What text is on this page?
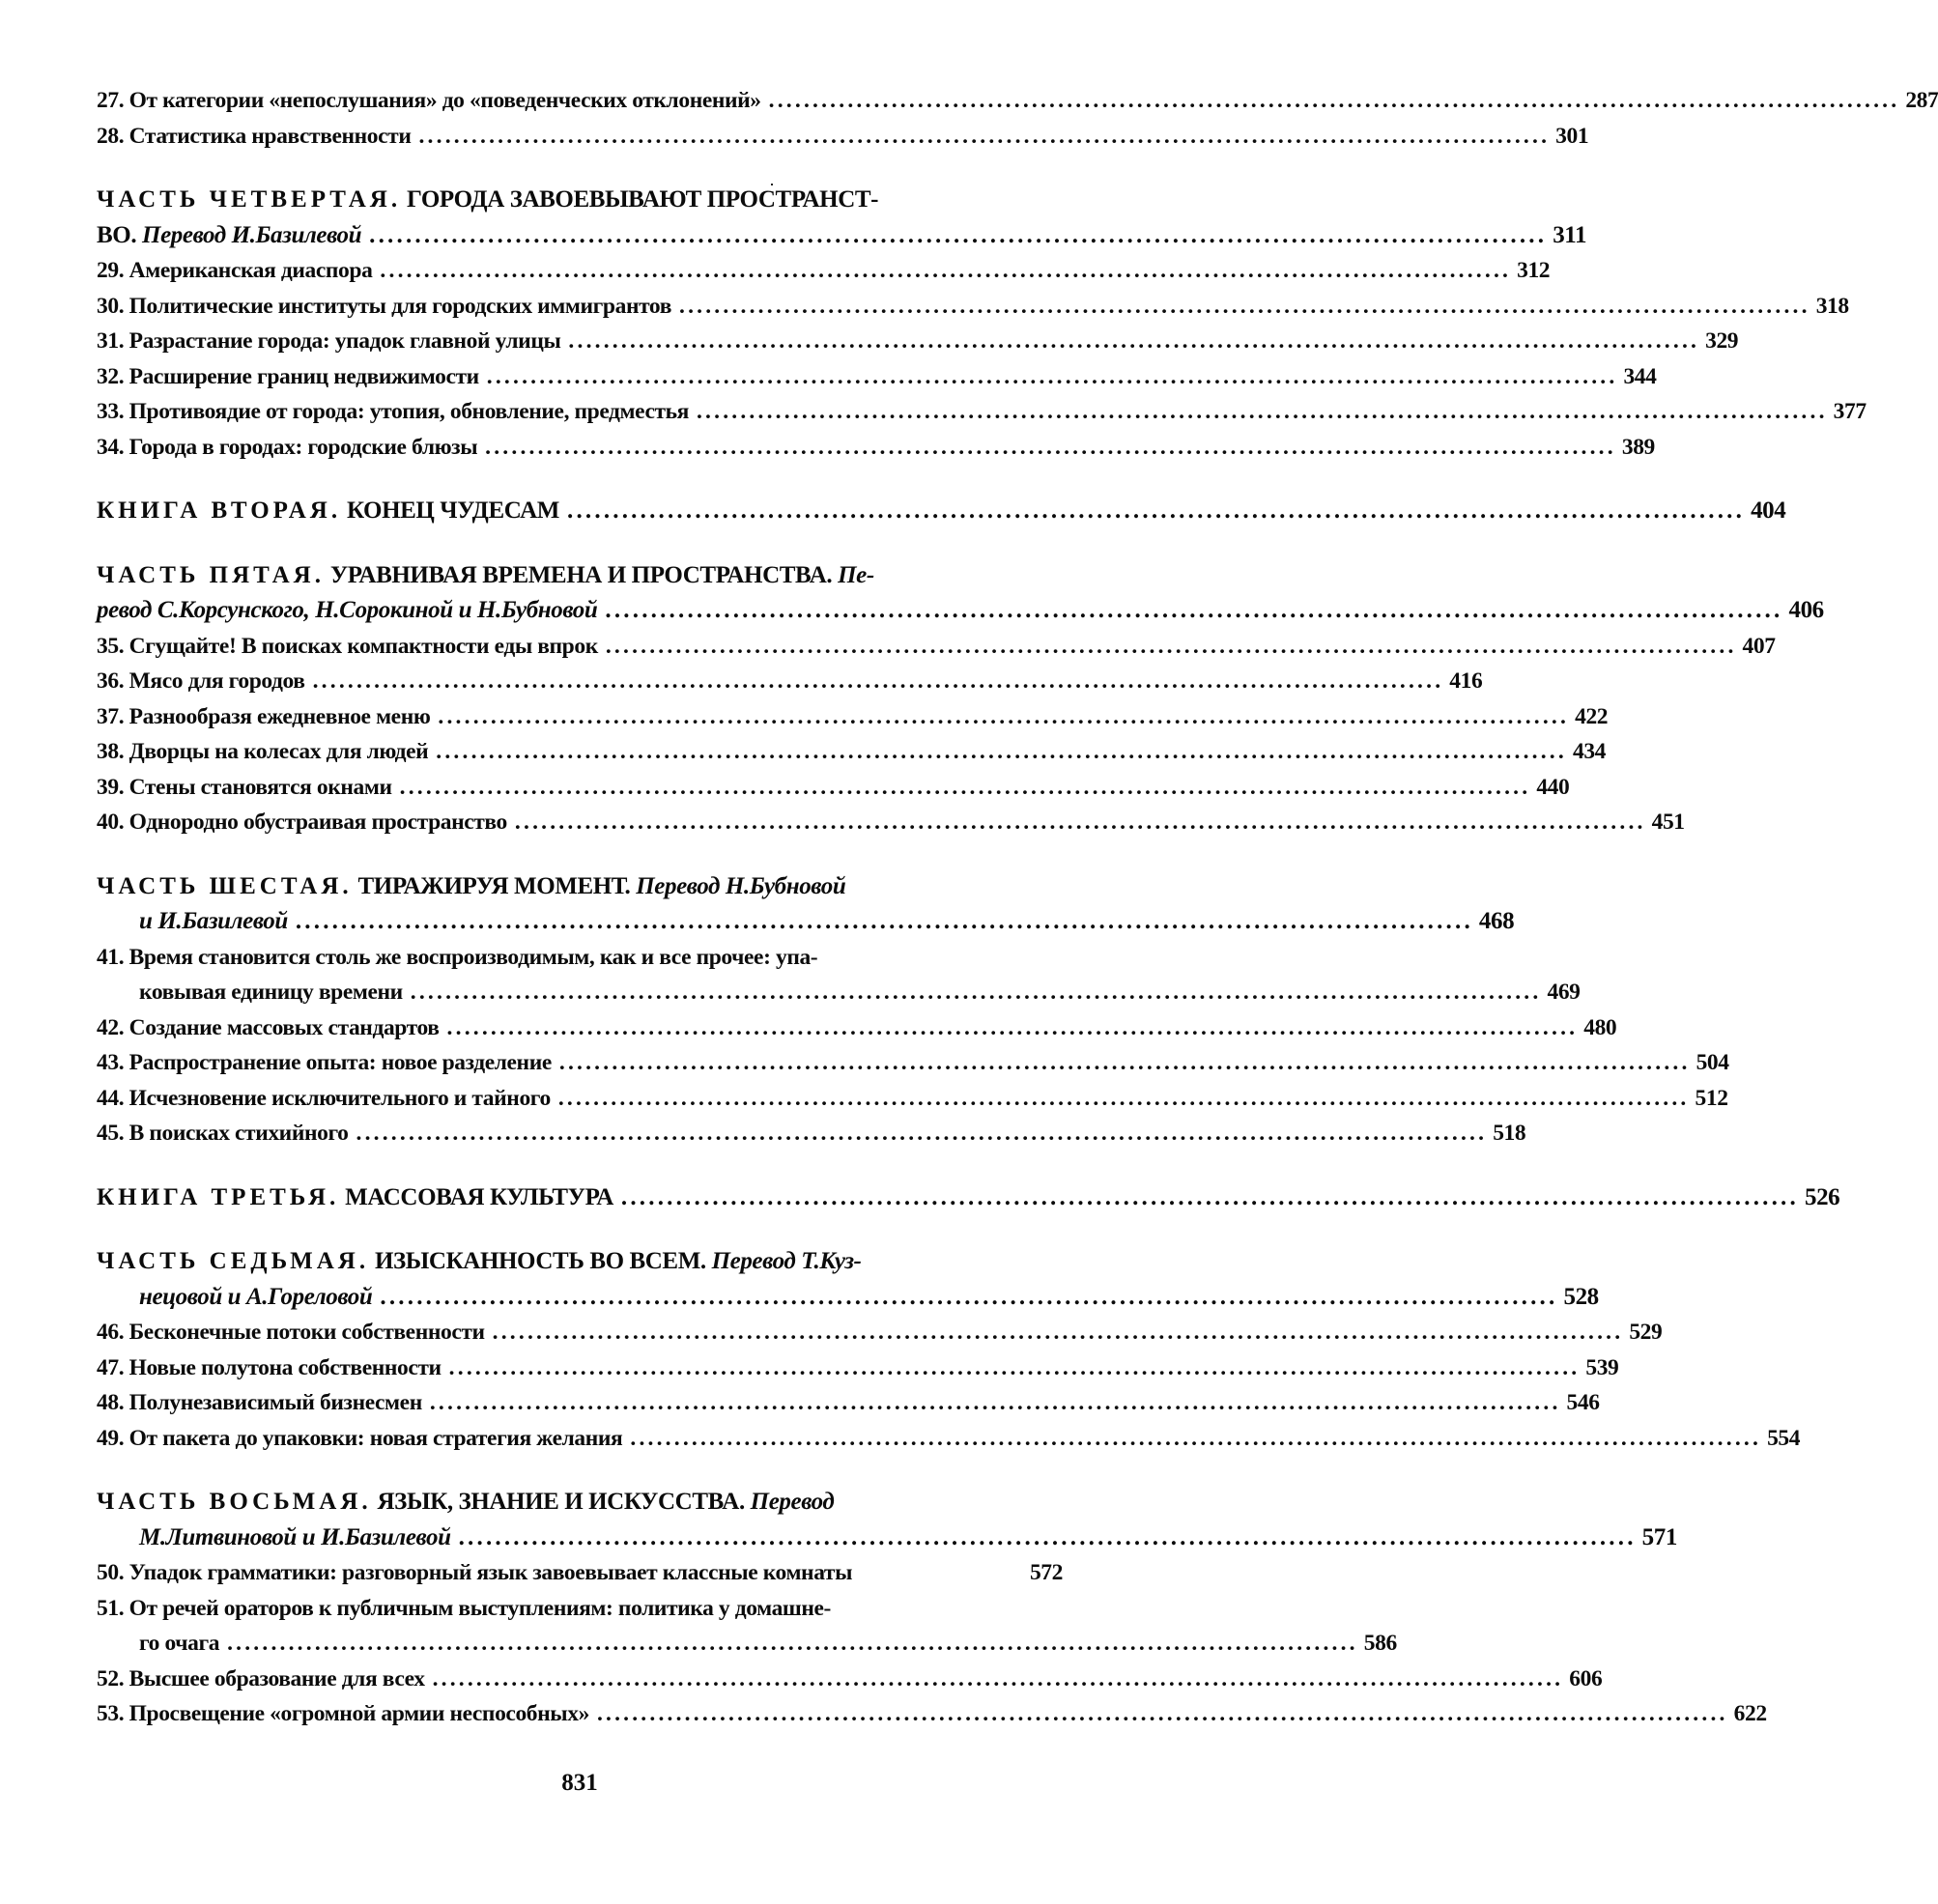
27. От категории «непослушания» до «поведенческих отклонений» ................................................................................................................................. 287
28. Статистика нравственности ................................................................................................................................. 301
ЧАСТЬ ЧЕТВЕРТАЯ. ГОРОДА ЗАВОЕВЫВАЮТ ПРОСТРАНСТ-
ВО. Перевод И.Базилевой ................................................................................................................................. 311
29. Американская диаспора ................................................................................................................................. 312
30. Политические институты для городских иммигрантов ................................................................................................................................. 318
31. Разрастание города: упадок главной улицы ................................................................................................................................. 329
32. Расширение границ недвижимости ................................................................................................................................. 344
33. Противоядие от города: утопия, обновление, предместья ................................................................................................................................. 377
34. Города в городах: городские блюзы ................................................................................................................................. 389
КНИГА ВТОРАЯ. КОНЕЦ ЧУДЕСАМ ................................................................................................................................. 404
ЧАСТЬ ПЯТАЯ. УРАВНИВАЯ ВРЕМЕНА И ПРОСТРАНСТВА. Пе-
ревод С.Корсунского, Н.Сорокиной и Н.Бубновой ................................................................................................................................. 406
35. Сгущайте! В поисках компактности еды впрок ................................................................................................................................. 407
36. Мясо для городов ................................................................................................................................. 416
37. Разнообразя ежедневное меню ................................................................................................................................. 422
38. Дворцы на колесах для людей ................................................................................................................................. 434
39. Стены становятся окнами ................................................................................................................................. 440
40. Однородно обустраивая пространство ................................................................................................................................. 451
ЧАСТЬ ШЕСТАЯ. ТИРАЖИРУЯ МОМЕНТ. Перевод Н.Бубновой
и И.Базилевой ................................................................................................................................. 468
41. Время становится столь же воспроизводимым, как и все прочее: упа-
ковывая единицу времени ................................................................................................................................. 469
42. Создание массовых стандартов ................................................................................................................................. 480
43. Распространение опыта: новое разделение ................................................................................................................................. 504
44. Исчезновение исключительного и тайного ................................................................................................................................. 512
45. В поисках стихийного ................................................................................................................................. 518
КНИГА ТРЕТЬЯ. МАССОВАЯ КУЛЬТУРА ................................................................................................................................. 526
ЧАСТЬ СЕДЬМАЯ. ИЗЫСКАННОСТЬ ВО ВСЕМ. Перевод Т.Куз-
нецовой и А.Гореловой ................................................................................................................................. 528
46. Бесконечные потоки собственности ................................................................................................................................. 529
47. Новые полутона собственности ................................................................................................................................. 539
48. Полунезависимый бизнесмен ................................................................................................................................. 546
49. От пакета до упаковки: новая стратегия желания ................................................................................................................................. 554
ЧАСТЬ ВОСЬМАЯ. ЯЗЫК, ЗНАНИЕ И ИСКУССТВА. Перевод
М.Литвиновой и И.Базилевой ................................................................................................................................. 571
50. Упадок грамматики: разговорный язык завоевывает классные комнаты	572
51. От речей ораторов к публичным выступлениям: политика у домашне-
го очага ................................................................................................................................. 586
52. Высшее образование для всех ................................................................................................................................. 606
53. Просвещение «огромной армии неспособных» ................................................................................................................................. 622
831
